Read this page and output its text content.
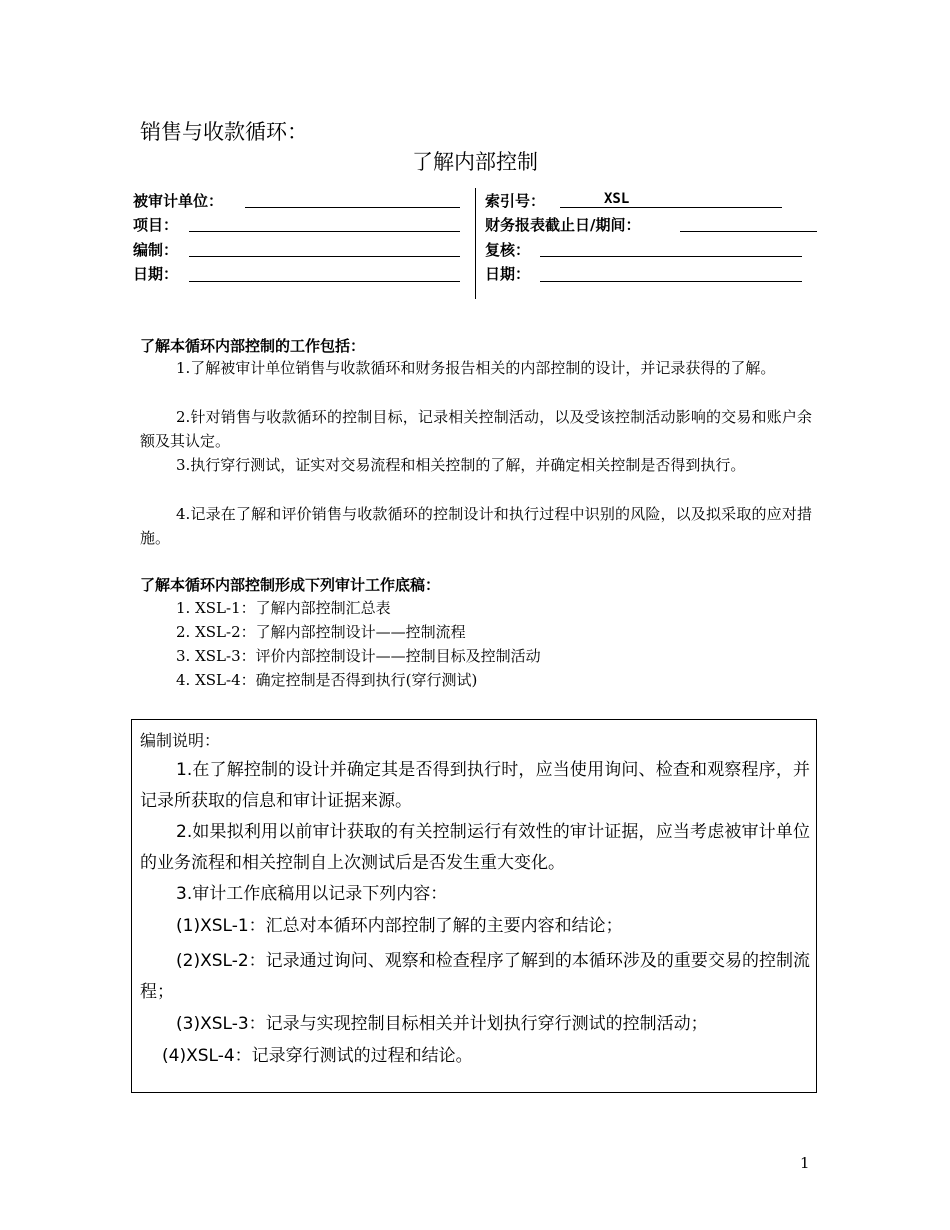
销售与收款循环：
了解内部控制
被审计单位：
项目：
编制：
日期：
索引号：	XSL
财务报表截止日/期间：
复核：
日期：
了解本循环内部控制的工作包括：
1.了解被审计单位销售与收款循环和财务报告相关的内部控制的设计，并记录获得的了解。
2.针对销售与收款循环的控制目标，记录相关控制活动，以及受该控制活动影响的交易和账户余额及其认定。
3.执行穿行测试，证实对交易流程和相关控制的了解，并确定相关控制是否得到执行。
4.记录在了解和评价销售与收款循环的控制设计和执行过程中识别的风险，以及拟采取的应对措施。
了解本循环内部控制形成下列审计工作底稿：
1. XSL-1：了解内部控制汇总表
2. XSL-2：了解内部控制设计——控制流程
3. XSL-3：评价内部控制设计——控制目标及控制活动
4. XSL-4：确定控制是否得到执行(穿行测试)
编制说明：
1.在了解控制的设计并确定其是否得到执行时，应当使用询问、检查和观察程序，并记录所获取的信息和审计证据来源。
2.如果拟利用以前审计获取的有关控制运行有效性的审计证据，应当考虑被审计单位的业务流程和相关控制自上次测试后是否发生重大变化。
3.审计工作底稿用以记录下列内容：
(1)XSL-1：汇总对本循环内部控制了解的主要内容和结论；
(2)XSL-2：记录通过询问、观察和检查程序了解到的本循环涉及的重要交易的控制流程；
(3)XSL-3：记录与实现控制目标相关并计划执行穿行测试的控制活动；
(4)XSL-4：记录穿行测试的过程和结论。
1
